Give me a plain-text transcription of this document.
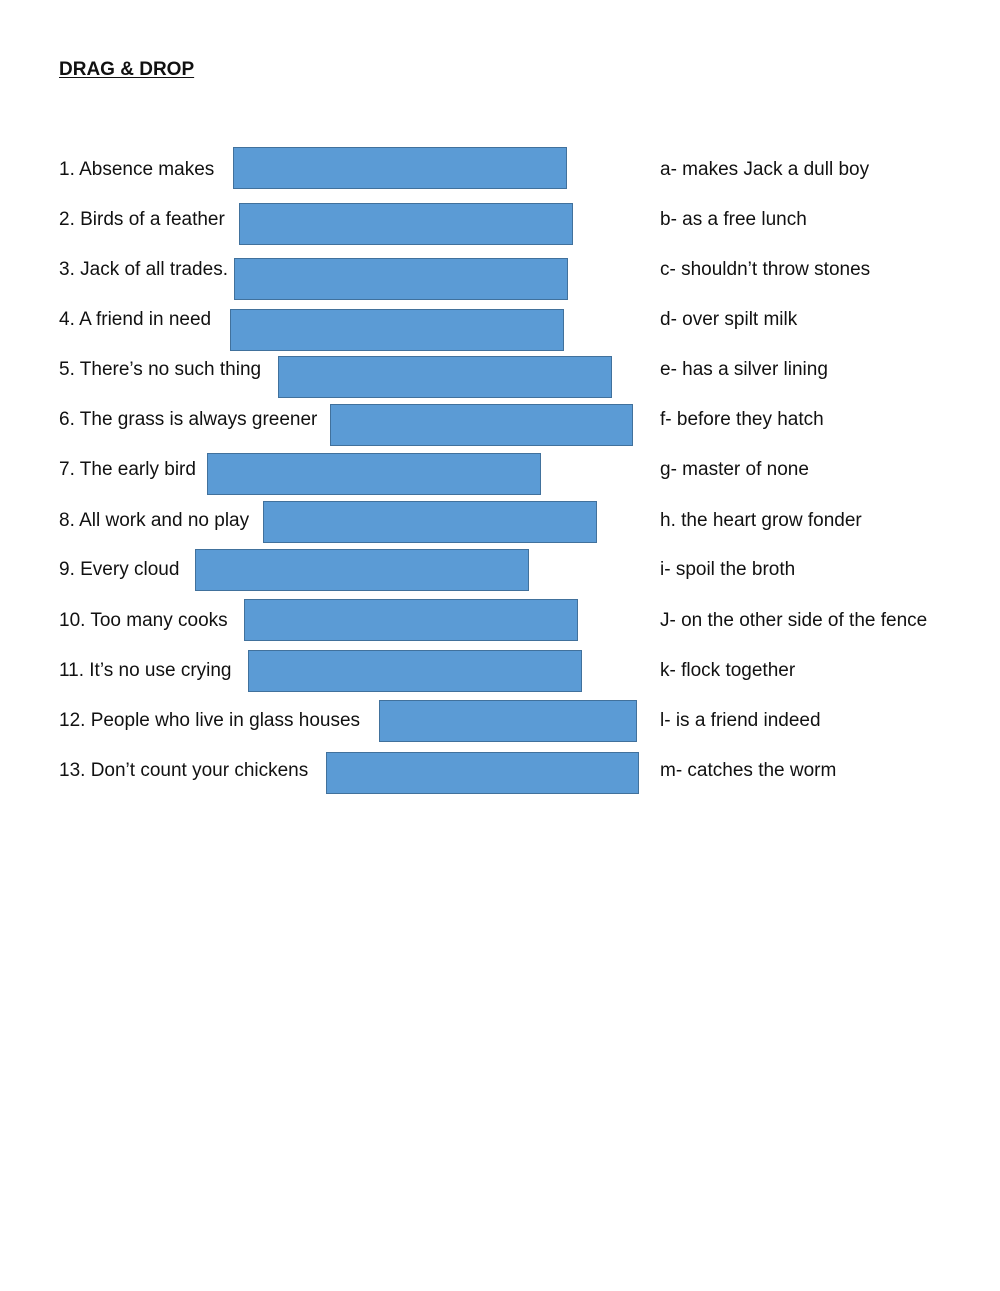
DRAG & DROP
1. Absence makes	a- makes Jack a dull boy
2. Birds of a feather	b- as a free lunch
3. Jack of all trades.	c- shouldn’t throw stones
4. A friend in need	d- over spilt milk
5. There’s no such thing	e- has a silver lining
6. The grass is always greener	f- before they hatch
7. The early bird	g- master of none
8. All work and no play	h. the heart grow fonder
9. Every cloud	i- spoil the broth
10. Too many cooks	J- on the other side of the fence
11. It’s no use crying	k- flock together
12. People who live in glass houses	l- is a friend indeed
13. Don’t count your chickens	m- catches the worm
